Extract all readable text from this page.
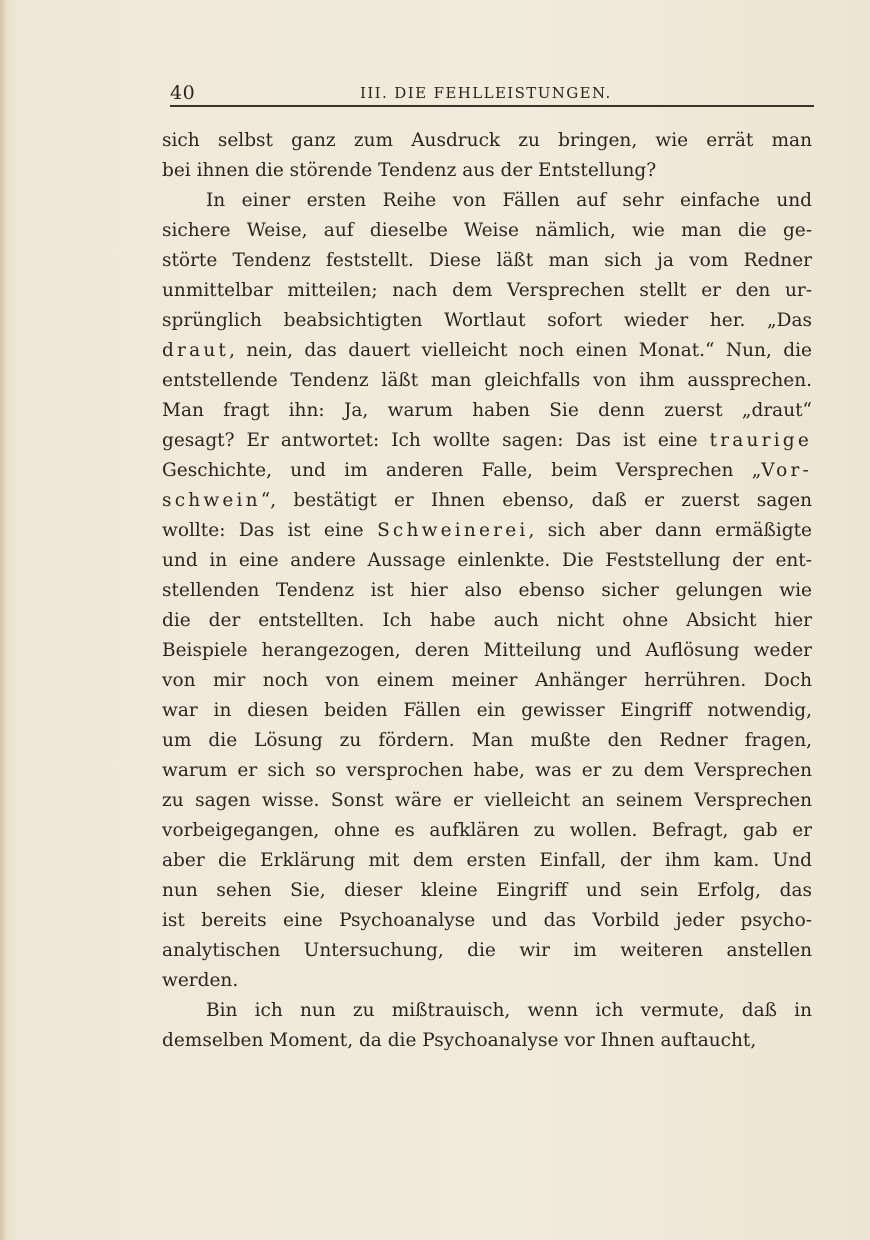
40	III. DIE FEHLLEISTUNGEN.
sich selbst ganz zum Ausdruck zu bringen, wie errät man
bei ihnen die störende Tendenz aus der Entstellung?
In einer ersten Reihe von Fällen auf sehr einfache und
sichere Weise, auf dieselbe Weise nämlich, wie man die ge-
störte Tendenz feststellt. Diese läßt man sich ja vom Redner
unmittelbar mitteilen; nach dem Versprechen stellt er den ur-
sprünglich beabsichtigten Wortlaut sofort wieder her. „Das
draut, nein, das dauert vielleicht noch einen Monat.“ Nun, die
entstellende Tendenz läßt man gleichfalls von ihm aussprechen.
Man fragt ihn: Ja, warum haben Sie denn zuerst „draut“
gesagt? Er antwortet: Ich wollte sagen: Das ist eine traurige
Geschichte, und im anderen Falle, beim Versprechen „Vor-
schwein“, bestätigt er Ihnen ebenso, daß er zuerst sagen
wollte: Das ist eine Schweinerei, sich aber dann ermäßigte
und in eine andere Aussage einlenkte. Die Feststellung der ent-
stellenden Tendenz ist hier also ebenso sicher gelungen wie
die der entstellten. Ich habe auch nicht ohne Absicht hier
Beispiele herangezogen, deren Mitteilung und Auflösung weder
von mir noch von einem meiner Anhänger herrühren. Doch
war in diesen beiden Fällen ein gewisser Eingriff notwendig,
um die Lösung zu fördern. Man mußte den Redner fragen,
warum er sich so versprochen habe, was er zu dem Versprechen
zu sagen wisse. Sonst wäre er vielleicht an seinem Versprechen
vorbeigegangen, ohne es aufklären zu wollen. Befragt, gab er
aber die Erklärung mit dem ersten Einfall, der ihm kam. Und
nun sehen Sie, dieser kleine Eingriff und sein Erfolg, das
ist bereits eine Psychoanalyse und das Vorbild jeder psycho-
analytischen Untersuchung, die wir im weiteren anstellen
werden.
Bin ich nun zu mißtrauisch, wenn ich vermute, daß in
demselben Moment, da die Psychoanalyse vor Ihnen auftaucht,
